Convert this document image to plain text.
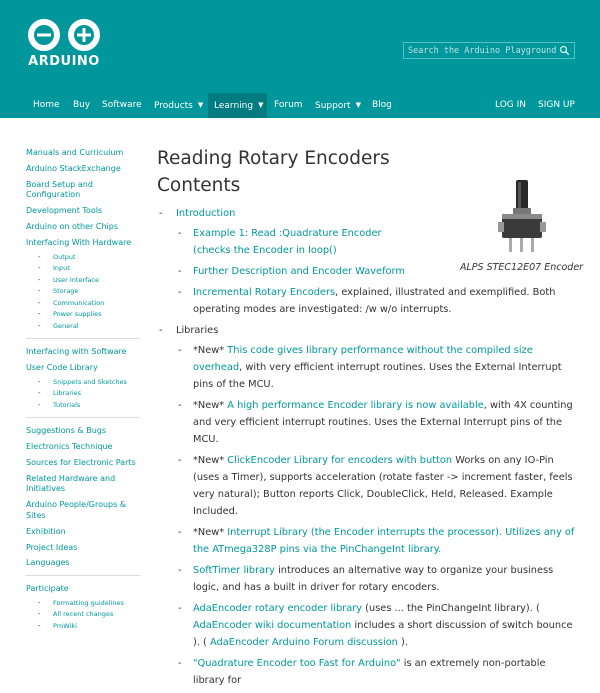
ARDUINO
Search the Arduino Playground
Home	Buy	Software	Products ▼	Learning ▼	Forum	Support ▼	Blog	LOG IN	SIGN UP
Manuals and Curriculum
Arduino StackExchange
Board Setup and Configuration
Development Tools
Arduino on other Chips
Interfacing With Hardware
- Output
- Input
- User Interface
- Storage
- Communication
- Power supplies
- General
Interfacing with Software
User Code Library
- Snippets and Sketches
- Libraries
- Tutorials
Suggestions & Bugs
Electronics Technique
Sources for Electronic Parts
Related Hardware and Initiatives
Arduino People/Groups & Sites
Exhibition
Project Ideas
Languages
Participate
- Formatting guidelines
- All recent changes
- PmWiki
ALPS STEC12E07 Encoder
Reading Rotary Encoders
Contents
- Introduction
- Example 1: Read :Quadrature Encoder (checks the Encoder in loop()
- Further Description and Encoder Waveform
- Incremental Rotary Encoders, explained, illustrated and exemplified. Both operating modes are investigated: /w w/o interrupts.
- Libraries
- *New* This code gives library performance without the compiled size overhead, with very efficient interrupt routines. Uses the External Interrupt pins of the MCU.
- *New* A high performance Encoder library is now available, with 4X counting and very efficient interrupt routines. Uses the External Interrupt pins of the MCU.
- *New* ClickEncoder Library for encoders with button Works on any IO-Pin (uses a Timer), supports acceleration (rotate faster -> increment faster, feels very natural); Button reports Click, DoubleClick, Held, Released. Example Included.
- *New* Interrupt Library (the Encoder interrupts the processor). Utilizes any of the ATmega328P pins via the PinChangeInt library.
- SoftTimer library introduces an alternative way to organize your business logic, and has a built in driver for rotary encoders.
- AdaEncoder rotary encoder library (uses ... the PinChangeInt library). ( AdaEncoder wiki documentation includes a short discussion of switch bounce ). ( AdaEncoder Arduino Forum discussion ).
- "Quadrature Encoder too Fast for Arduino" is an extremely non-portable library for
